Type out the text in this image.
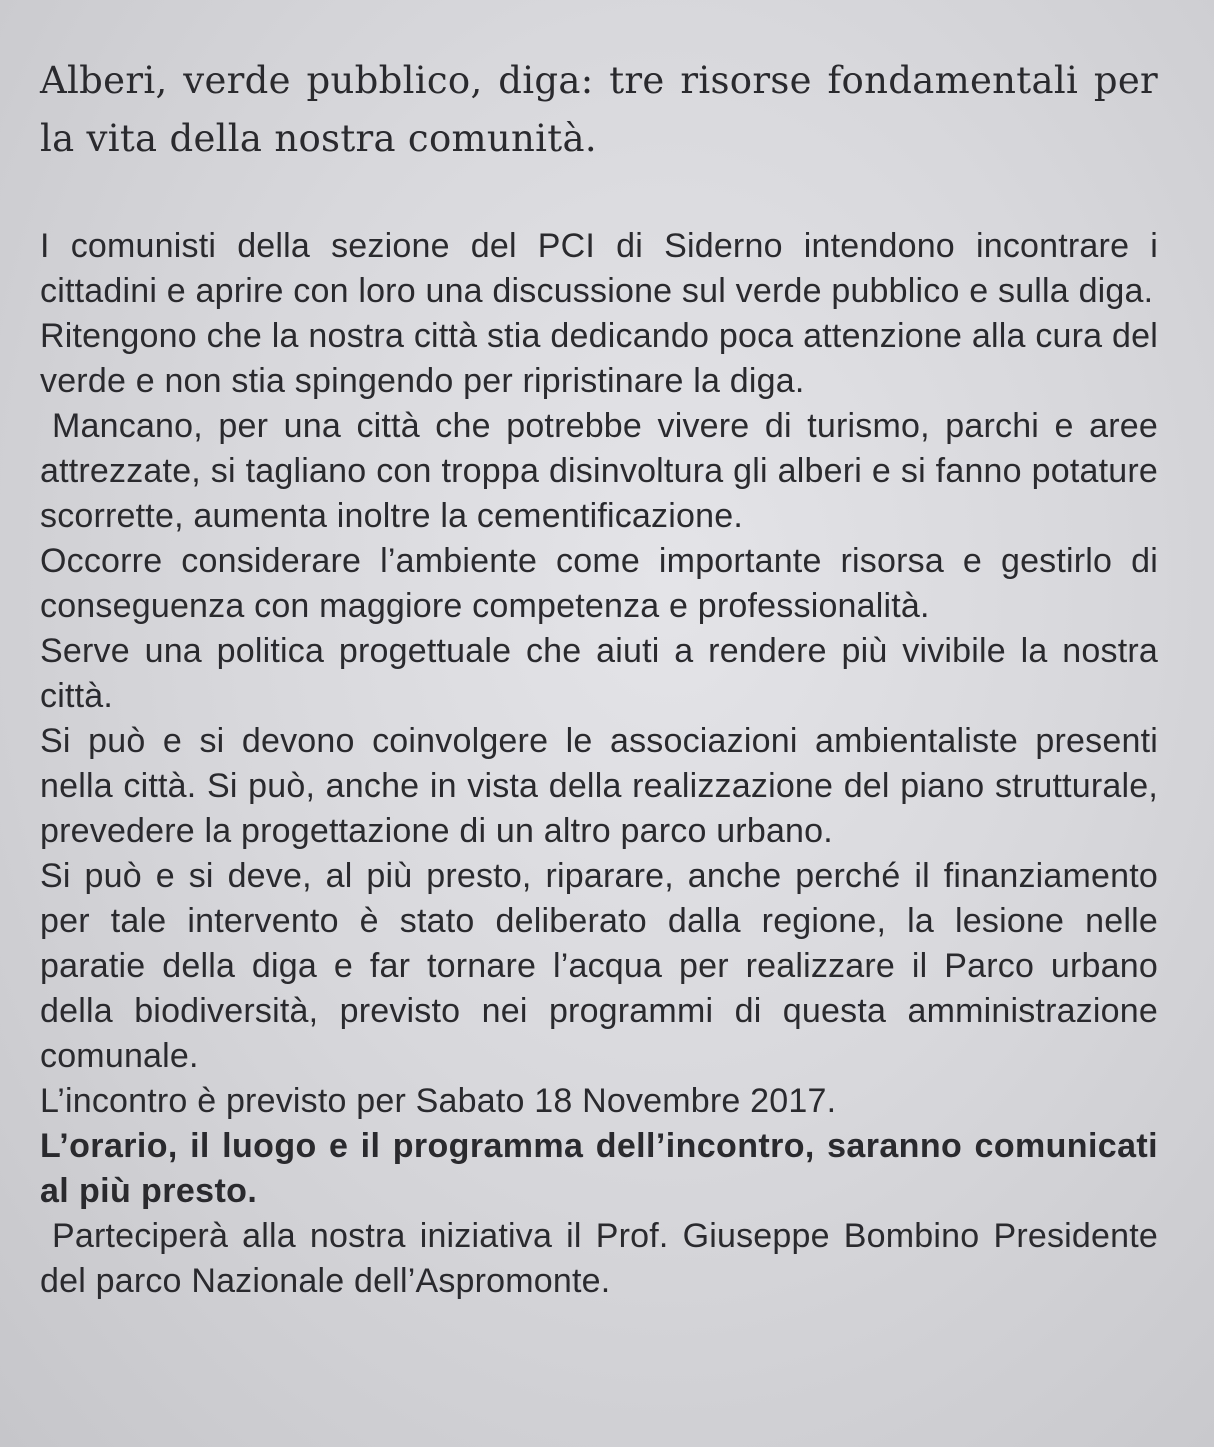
Alberi, verde pubblico, diga: tre risorse fondamentali per la vita della nostra comunità.

I comunisti della sezione del PCI di Siderno intendono incontrare i cittadini e aprire con loro una discussione sul verde pubblico e sulla diga.

Ritengono che la nostra città stia dedicando poca attenzione alla cura del verde e non stia spingendo per ripristinare la diga.

Mancano, per una città che potrebbe vivere di turismo, parchi e aree attrezzate, si tagliano con troppa disinvoltura gli alberi e si fanno potature scorrette, aumenta inoltre la cementificazione.

Occorre considerare l’ambiente come importante risorsa e gestirlo di conseguenza con maggiore competenza e professionalità.

Serve una politica progettuale che aiuti a rendere più vivibile la nostra città.

Si può e si devono coinvolgere le associazioni ambientaliste presenti nella città. Si può, anche in vista della realizzazione del piano strutturale, prevedere la progettazione di un altro parco urbano.

Si può e si deve, al più presto, riparare, anche perché il finanziamento per tale intervento è stato deliberato dalla regione, la lesione nelle paratie della diga e far tornare l’acqua per realizzare il Parco urbano della biodiversità, previsto nei programmi di questa amministrazione comunale.

L’incontro è previsto per Sabato 18 Novembre 2017.

L’orario, il luogo e il programma dell’incontro, saranno comunicati al più presto.

Parteciperà alla nostra iniziativa il Prof. Giuseppe Bombino Presidente del parco Nazionale dell’Aspromonte.
